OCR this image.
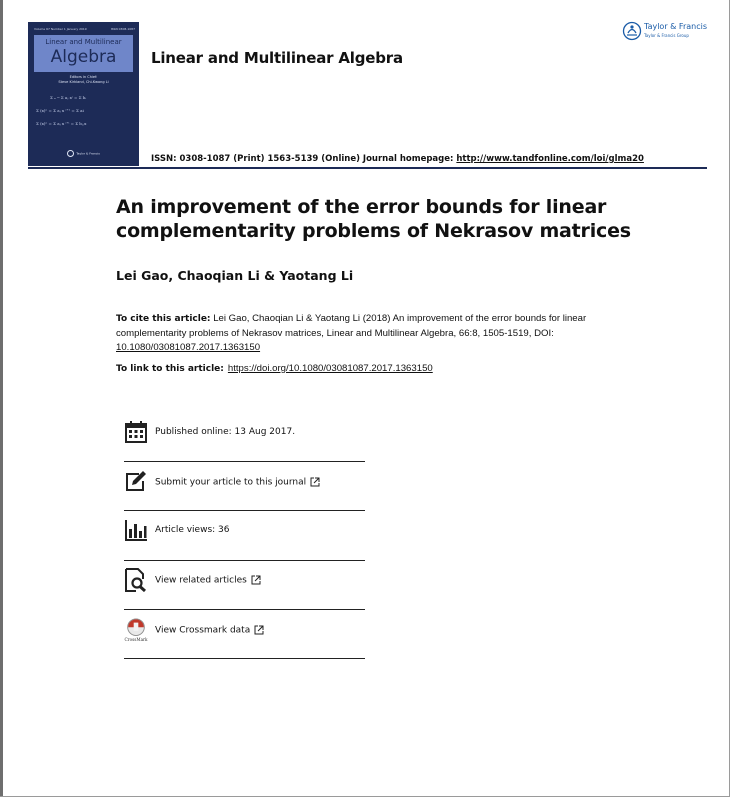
Volume 67 Number 1 January 2019	ISSN 0308-1087
Linear and Multilinear
Algebra
Editors in Chief:
Steve Kirkland, Chi-Kwong Li
Σ ₙ ─ Σ aⱼ xᶦ = Σ bᵢ
Σ (x)ⁿ = Σ aⱼ x ᶦ⁺¹ = Σ ai
Σ (x)ⁿ = Σ aⱼ x ᶦ⁺ⁱ = Σ bⱼ,x
Taylor & Francis
Linear and Multilinear Algebra
Taylor & Francis
Taylor & Francis Group
ISSN: 0308-1087 (Print) 1563-5139 (Online) Journal homepage: http://www.tandfonline.com/loi/glma20
An improvement of the error bounds for linear complementarity problems of Nekrasov matrices
Lei Gao, Chaoqian Li & Yaotang Li
To cite this article: Lei Gao, Chaoqian Li & Yaotang Li (2018) An improvement of the error bounds for linear complementarity problems of Nekrasov matrices, Linear and Multilinear Algebra, 66:8, 1505-1519, DOI: 10.1080/03081087.2017.1363150
To link to this article: https://doi.org/10.1080/03081087.2017.1363150
Published online: 13 Aug 2017.
Submit your article to this journal
Article views: 36
View related articles
CrossMark
View Crossmark data
